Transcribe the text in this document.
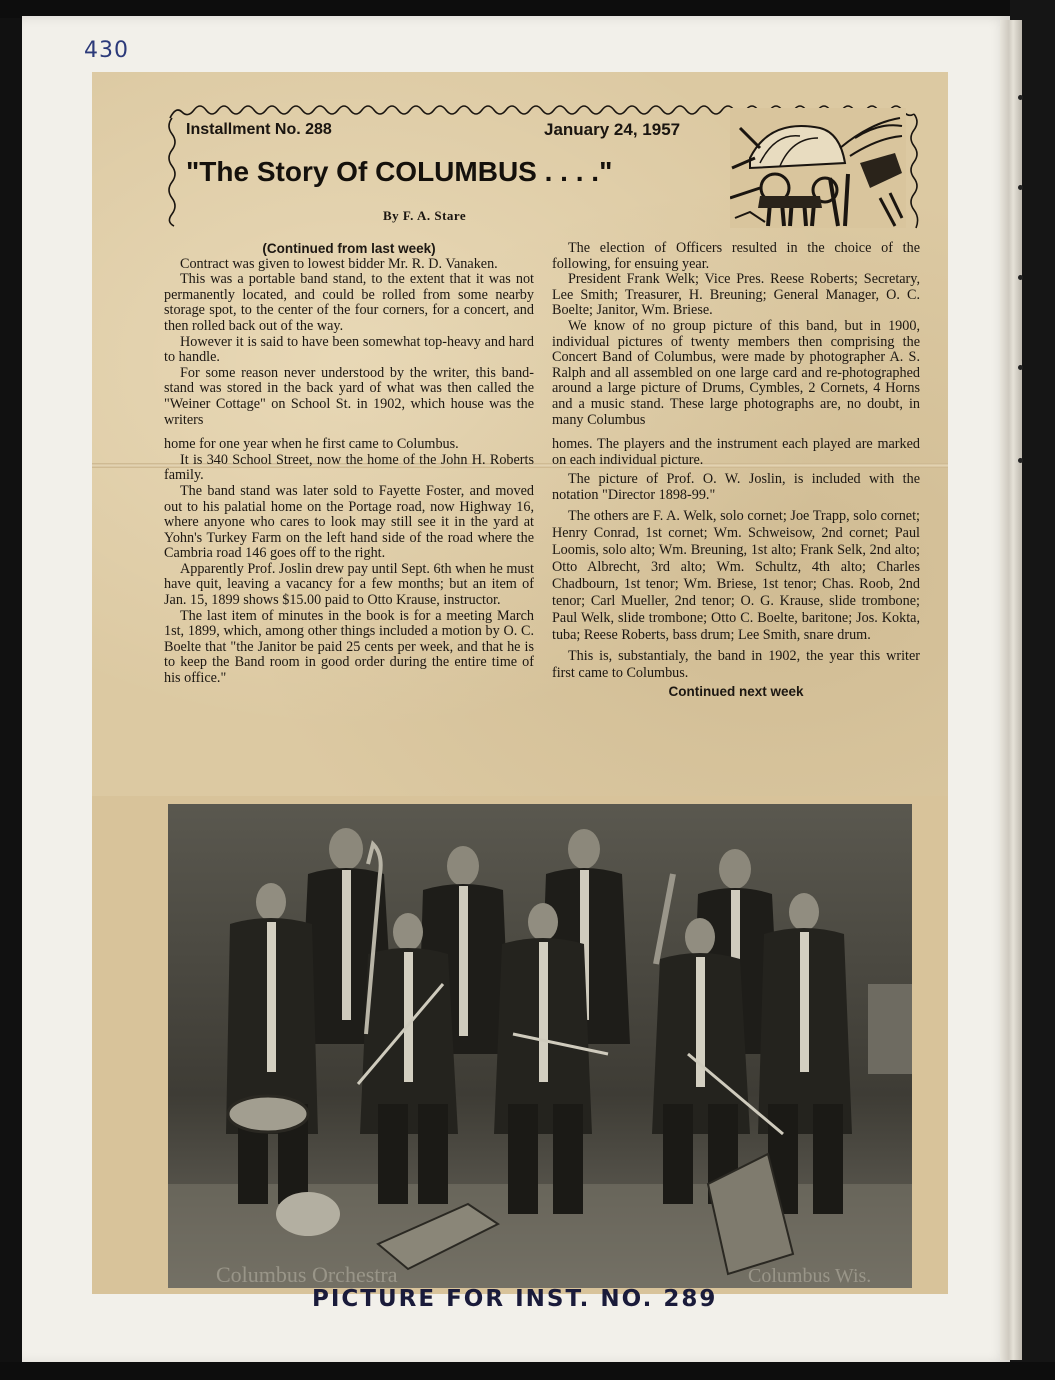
430
Installment No. 288	January 24, 1957
"The Story Of COLUMBUS . . . ."
By F. A. Stare

(Continued from last week)

Contract was given to lowest bidder Mr. R. D. Vanaken.

This was a portable band stand, to the extent that it was not permanently located, and could be rolled from some nearby storage spot, to the center of the four corners, for a concert, and then rolled back out of the way.

However it is said to have been somewhat top-heavy and hard to handle.

For some reason never understood by the writer, this band-stand was stored in the back yard of what was then called the "Weiner Cottage" on School St. in 1902, which house was the writers

home for one year when he first came to Columbus.

It is 340 School Street, now the home of the John H. Roberts family.

The band stand was later sold to Fayette Foster, and moved out to his palatial home on the Portage road, now Highway 16, where anyone who cares to look may still see it in the yard at Yohn's Turkey Farm on the left hand side of the road where the Cambria road 146 goes off to the right.

Apparently Prof. Joslin drew pay until Sept. 6th when he must have quit, leaving a vacancy for a few months; but an item of Jan. 15, 1899 shows $15.00 paid to Otto Krause, instructor.

The last item of minutes in the book is for a meeting March 1st, 1899, which, among other things included a motion by O. C. Boelte that "the Janitor be paid 25 cents per week, and that he is to keep the Band room in good order during the entire time of his office."

The election of Officers resulted in the choice of the following, for ensuing year.

President Frank Welk; Vice Pres. Reese Roberts; Secretary, Lee Smith; Treasurer, H. Breuning; General Manager, O. C. Boelte; Janitor, Wm. Briese.

We know of no group picture of this band, but in 1900, individual pictures of twenty members then comprising the Concert Band of Columbus, were made by photographer A. S. Ralph and all assembled on one large card and re-photographed around a large picture of Drums, Cymbles, 2 Cornets, 4 Horns and a music stand. These large photographs are, no doubt, in many Columbus

homes. The players and the instrument each played are marked on each individual picture.

The picture of Prof. O. W. Joslin, is included with the notation "Director 1898-99."

The others are F. A. Welk, solo cornet; Joe Trapp, solo cornet; Henry Conrad, 1st cornet; Wm. Schweisow, 2nd cornet; Paul Loomis, solo alto; Wm. Breuning, 1st alto; Frank Selk, 2nd alto; Otto Albrecht, 3rd alto; Wm. Schultz, 4th alto; Charles Chadbourn, 1st tenor; Wm. Briese, 1st tenor; Chas. Roob, 2nd tenor; Carl Mueller, 2nd tenor; O. G. Krause, slide trombone; Paul Welk, slide trombone; Otto C. Boelte, baritone; Jos. Kokta, tuba; Reese Roberts, bass drum; Lee Smith, snare drum.

This is, substantialy, the band in 1902, the year this writer first came to Columbus.

Continued next week

Columbus Orchestra	Columbus Wis.
PICTURE FOR INST. NO. 289
